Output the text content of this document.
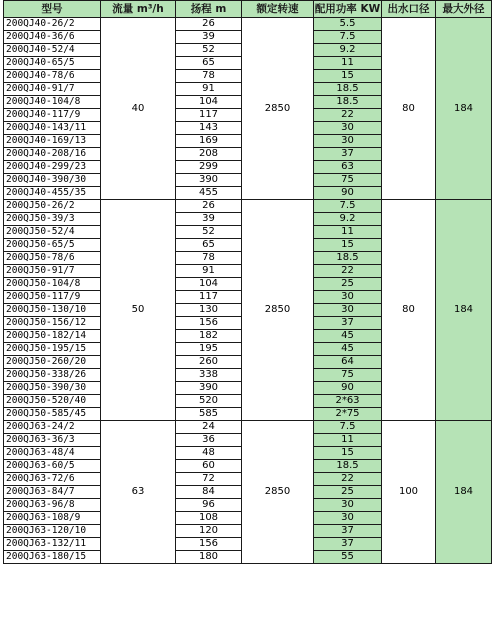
型号	流量 m³/h	扬程 m	额定转速	配用功率 KW	出水口径	最大外径
200QJ40-26/2	40	26	2850	5.5	80	184
200QJ40-36/6		39		7.5		
200QJ40-52/4		52		9.2		
200QJ40-65/5		65		11		
200QJ40-78/6		78		15		
200QJ40-91/7		91		18.5		
200QJ40-104/8		104		18.5		
200QJ40-117/9		117		22		
200QJ40-143/11		143		30		
200QJ40-169/13		169		30		
200QJ40-208/16		208		37		
200QJ40-299/23		299		63		
200QJ40-390/30		390		75		
200QJ40-455/35		455		90		
200QJ50-26/2	50	26	2850	7.5	80	184
200QJ50-39/3		39		9.2		
200QJ50-52/4		52		11		
200QJ50-65/5		65		15		
200QJ50-78/6		78		18.5		
200QJ50-91/7		91		22		
200QJ50-104/8		104		25		
200QJ50-117/9		117		30		
200QJ50-130/10		130		30		
200QJ50-156/12		156		37		
200QJ50-182/14		182		45		
200QJ50-195/15		195		45		
200QJ50-260/20		260		64		
200QJ50-338/26		338		75		
200QJ50-390/30		390		90		
200QJ50-520/40		520		2*63		
200QJ50-585/45		585		2*75		
200QJ63-24/2	63	24	2850	7.5	100	184
200QJ63-36/3		36		11		
200QJ63-48/4		48		15		
200QJ63-60/5		60		18.5		
200QJ63-72/6		72		22		
200QJ63-84/7		84		25		
200QJ63-96/8		96		30		
200QJ63-108/9		108		30		
200QJ63-120/10		120		37		
200QJ63-132/11		156		37		
200QJ63-180/15		180		55		
